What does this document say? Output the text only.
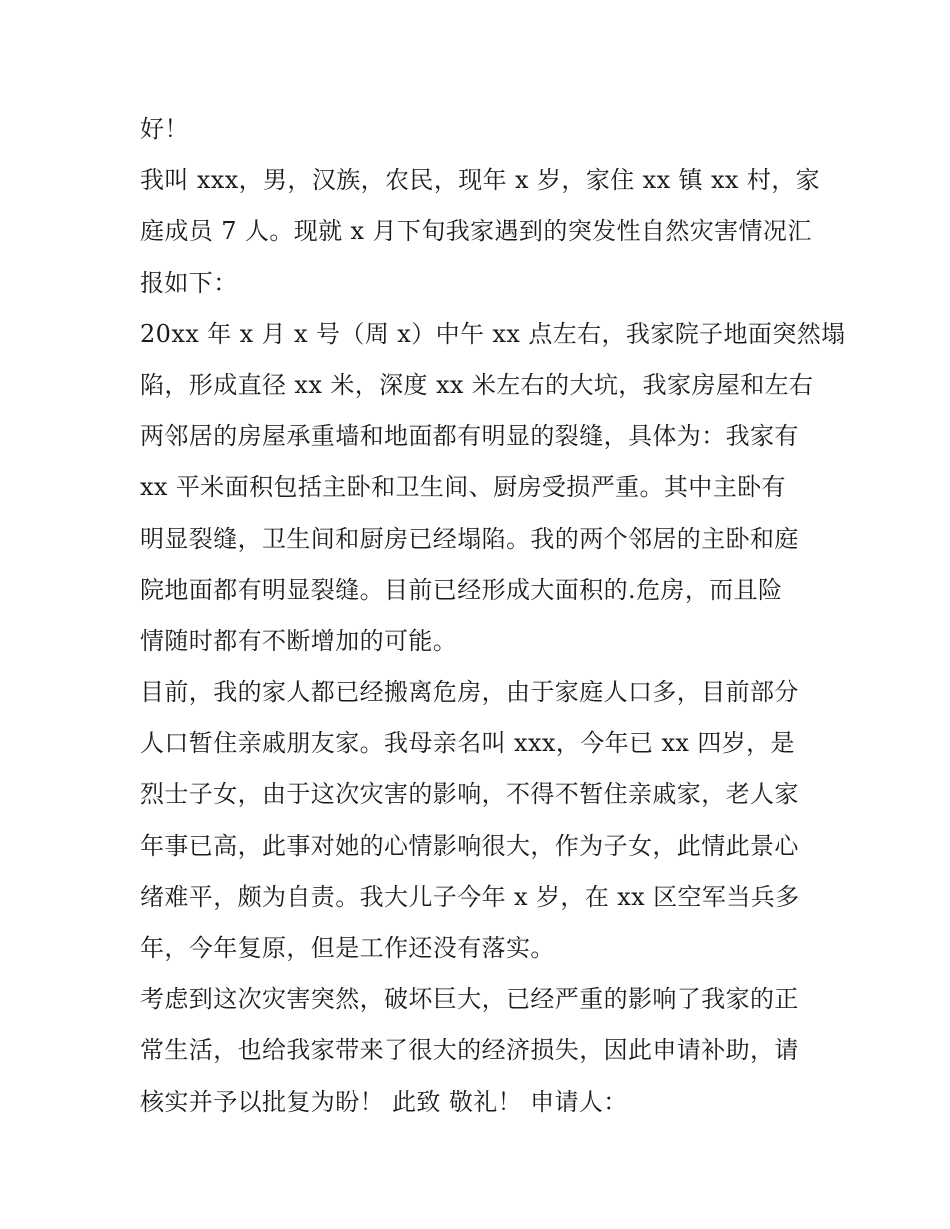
好！
我叫 xxx，男，汉族，农民，现年 x 岁，家住 xx 镇 xx 村，家
庭成员 7 人。现就 x 月下旬我家遇到的突发性自然灾害情况汇
报如下：
20xx 年 x 月 x 号（周 x）中午 xx 点左右，我家院子地面突然塌
陷，形成直径 xx 米，深度 xx 米左右的大坑，我家房屋和左右
两邻居的房屋承重墙和地面都有明显的裂缝，具体为：我家有
xx 平米面积包括主卧和卫生间、厨房受损严重。其中主卧有
明显裂缝，卫生间和厨房已经塌陷。我的两个邻居的主卧和庭
院地面都有明显裂缝。目前已经形成大面积的.危房，而且险
情随时都有不断增加的可能。
目前，我的家人都已经搬离危房，由于家庭人口多，目前部分
人口暂住亲戚朋友家。我母亲名叫 xxx，今年已 xx 四岁，是
烈士子女，由于这次灾害的影响，不得不暂住亲戚家，老人家
年事已高，此事对她的心情影响很大，作为子女，此情此景心
绪难平，颇为自责。我大儿子今年 x 岁，在 xx 区空军当兵多
年，今年复原，但是工作还没有落实。
考虑到这次灾害突然，破坏巨大，已经严重的影响了我家的正
常生活，也给我家带来了很大的经济损失，因此申请补助，请
核实并予以批复为盼！ 此致 敬礼！ 申请人：
